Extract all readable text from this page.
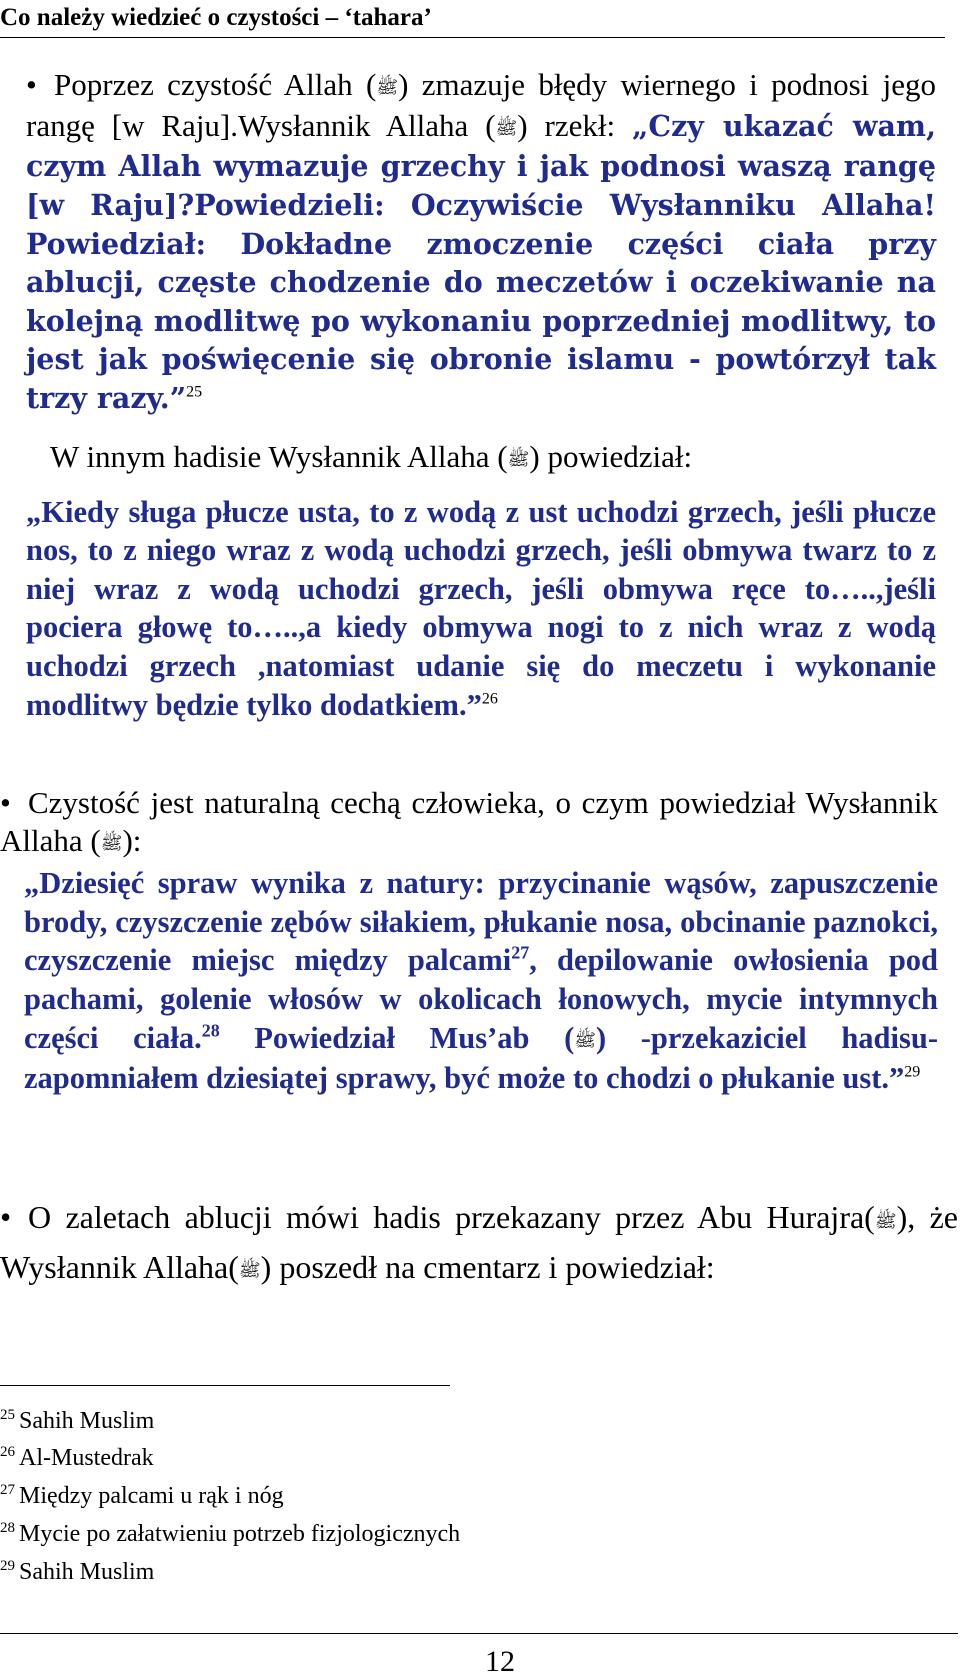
Co należy wiedzieć o czystości – ‘tahara’
• Poprzez czystość Allah (ﷺ) zmazuje błędy wiernego i podnosi jego rangę [w Raju].Wysłannik Allaha (ﷺ) rzekł: „Czy ukazać wam, czym Allah wymazuje grzechy i jak podnosi waszą rangę [w Raju]?Powiedzieli: Oczywiście Wysłanniku Allaha! Powiedział: Dokładne zmoczenie części ciała przy ablucji, częste chodzenie do meczetów i oczekiwanie na kolejną modlitwę po wykonaniu poprzedniej modlitwy, to jest jak poświęcenie się obronie islamu - powtórzył tak trzy razy.”$^{25}$
W innym hadisie Wysłannik Allaha (ﷺ) powiedział:
„Kiedy sługa płucze usta, to z wodą z ust uchodzi grzech, jeśli płucze nos, to z niego wraz z wodą uchodzi grzech, jeśli obmywa twarz to z niej wraz z wodą uchodzi grzech, jeśli obmywa ręce to…..,jeśli pociera głowę to…..,a kiedy obmywa nogi to z nich wraz z wodą uchodzi grzech ,natomiast udanie się do meczetu i wykonanie modlitwy będzie tylko dodatkiem.”$^{26}$
• Czystość jest naturalną cechą człowieka, o czym powiedział Wysłannik Allaha (ﷺ):
„Dziesięć spraw wynika z natury: przycinanie wąsów, zapuszczenie brody, czyszczenie zębów siłakiem, płukanie nosa, obcinanie paznokci, czyszczenie miejsc między palcami$^{27}$, depilowanie owłosienia pod pachami, golenie włosów w okolicach łonowych, mycie intymnych części ciała.$^{28}$ Powiedział Mus’ab (ﷺ) -przekaziciel hadisu- zapomniałem dziesiątej sprawy, być może to chodzi o płukanie ust.”$^{29}$
• O zaletach ablucji mówi hadis przekazany przez Abu Hurajra(ﷺ), że Wysłannik Allaha(ﷺ) poszedł na cmentarz i powiedział:
$^{25}$ Sahih Muslim
$^{26}$ Al-Mustedrak
$^{27}$ Między palcami u rąk i nóg
$^{28}$ Mycie po załatwieniu potrzeb fizjologicznych
$^{29}$ Sahih Muslim
12
